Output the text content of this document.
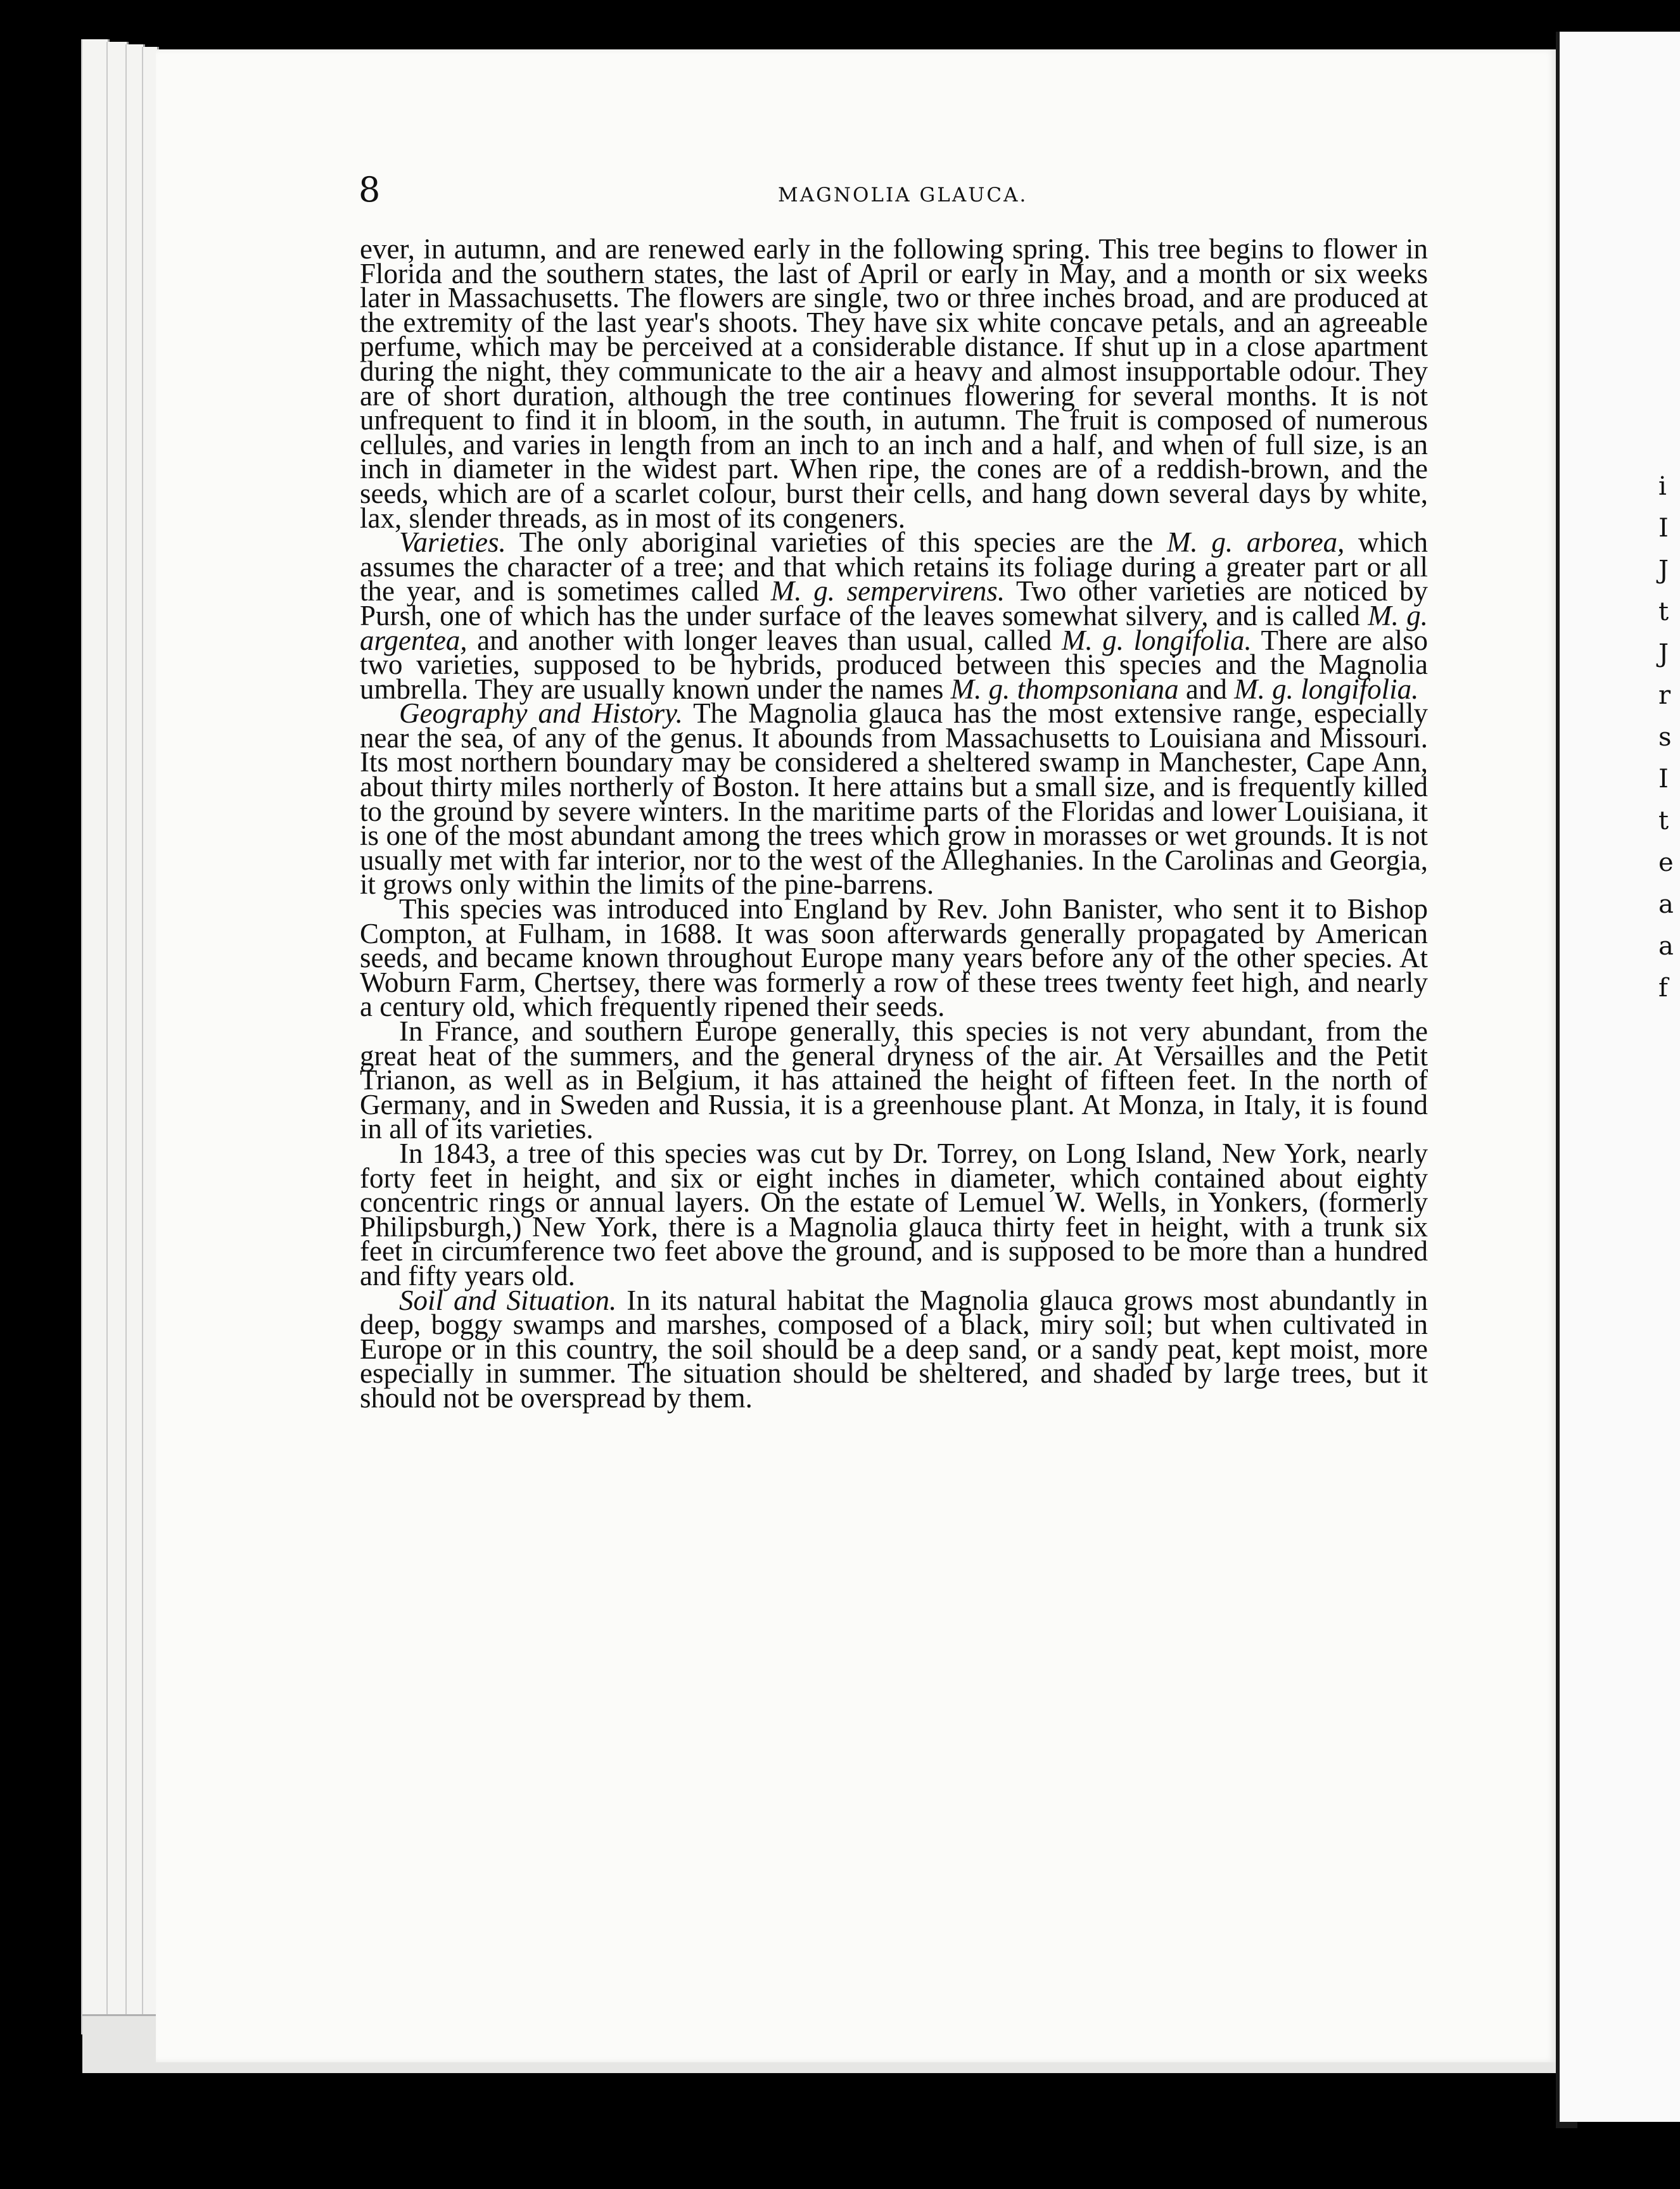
8	MAGNOLIA GLAUCA.

ever, in autumn, and are renewed early in the following spring. This tree begins to flower in Florida and the southern states, the last of April or early in May, and a month or six weeks later in Massachusetts. The flowers are single, two or three inches broad, and are produced at the extremity of the last year's shoots. They have six white concave petals, and an agreeable perfume, which may be perceived at a considerable distance. If shut up in a close apartment during the night, they communicate to the air a heavy and almost insupportable odour. They are of short duration, although the tree continues flowering for several months. It is not unfrequent to find it in bloom, in the south, in autumn. The fruit is composed of numerous cellules, and varies in length from an inch to an inch and a half, and when of full size, is an inch in diameter in the widest part. When ripe, the cones are of a reddish-brown, and the seeds, which are of a scarlet colour, burst their cells, and hang down several days by white, lax, slender threads, as in most of its congeners.

Varieties. The only aboriginal varieties of this species are the M. g. arborea, which assumes the character of a tree; and that which retains its foliage during a greater part or all the year, and is sometimes called M. g. sempervirens. Two other varieties are noticed by Pursh, one of which has the under surface of the leaves somewhat silvery, and is called M. g. argentea, and another with longer leaves than usual, called M. g. longifolia. There are also two varieties, supposed to be hybrids, produced between this species and the Magnolia umbrella. They are usually known under the names M. g. thompsoniana and M. g. longifolia.

Geography and History. The Magnolia glauca has the most extensive range, especially near the sea, of any of the genus. It abounds from Massachusetts to Louisiana and Missouri. Its most northern boundary may be considered a sheltered swamp in Manchester, Cape Ann, about thirty miles northerly of Boston. It here attains but a small size, and is frequently killed to the ground by severe winters. In the maritime parts of the Floridas and lower Louisiana, it is one of the most abundant among the trees which grow in morasses or wet grounds. It is not usually met with far interior, nor to the west of the Alleghanies. In the Carolinas and Georgia, it grows only within the limits of the pine-barrens.

This species was introduced into England by Rev. John Banister, who sent it to Bishop Compton, at Fulham, in 1688. It was soon afterwards generally propagated by American seeds, and became known throughout Europe many years before any of the other species. At Woburn Farm, Chertsey, there was formerly a row of these trees twenty feet high, and nearly a century old, which frequently ripened their seeds.

In France, and southern Europe generally, this species is not very abundant, from the great heat of the summers, and the general dryness of the air. At Versailles and the Petit Trianon, as well as in Belgium, it has attained the height of fifteen feet. In the north of Germany, and in Sweden and Russia, it is a greenhouse plant. At Monza, in Italy, it is found in all of its varieties.

In 1843, a tree of this species was cut by Dr. Torrey, on Long Island, New York, nearly forty feet in height, and six or eight inches in diameter, which contained about eighty concentric rings or annual layers. On the estate of Lemuel W. Wells, in Yonkers, (formerly Philipsburgh,) New York, there is a Magnolia glauca thirty feet in height, with a trunk six feet in circumference two feet above the ground, and is supposed to be more than a hundred and fifty years old.

Soil and Situation. In its natural habitat the Magnolia glauca grows most abundantly in deep, boggy swamps and marshes, composed of a black, miry soil; but when cultivated in Europe or in this country, the soil should be a deep sand, or a sandy peat, kept moist, more especially in summer. The situation should be sheltered, and shaded by large trees, but it should not be overspread by them.

i
I
J
t
J
r
s
I
t
e
a
a
f
